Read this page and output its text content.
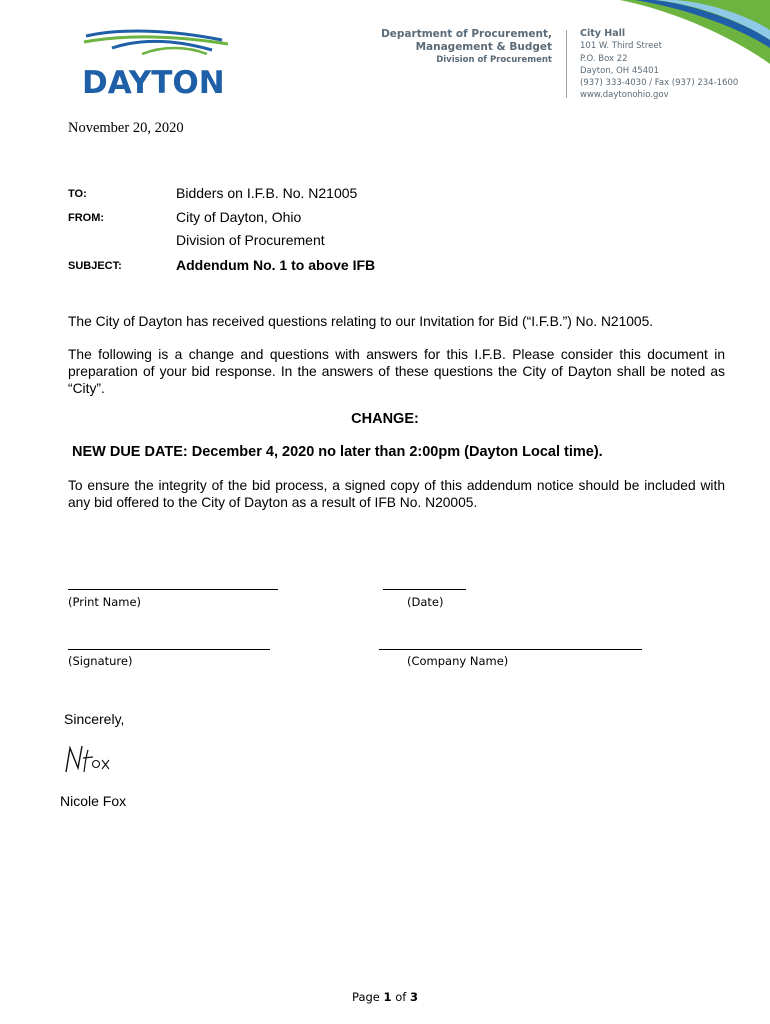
DAYTON
Department of Procurement,
Management & Budget
Division of Procurement
City Hall
101 W. Third Street
P.O. Box 22
Dayton, OH 45401
(937) 333-4030 / Fax (937) 234-1600
www.daytonohio.gov
November 20, 2020
TO:	Bidders on I.F.B. No. N21005
FROM:	City of Dayton, Ohio
Division of Procurement
SUBJECT:	Addendum No. 1 to above IFB
The City of Dayton has received questions relating to our Invitation for Bid (“I.F.B.”) No. N21005.
The following is a change and questions with answers for this I.F.B. Please consider this document in preparation of your bid response. In the answers of these questions the City of Dayton shall be noted as “City”.
CHANGE:
NEW DUE DATE: December 4, 2020 no later than 2:00pm (Dayton Local time).
To ensure the integrity of the bid process, a signed copy of this addendum notice should be included with any bid offered to the City of Dayton as a result of IFB No. N20005.
(Print Name)	(Date)
(Signature)	(Company Name)
Sincerely,
Nicole Fox
Page 1 of 3
